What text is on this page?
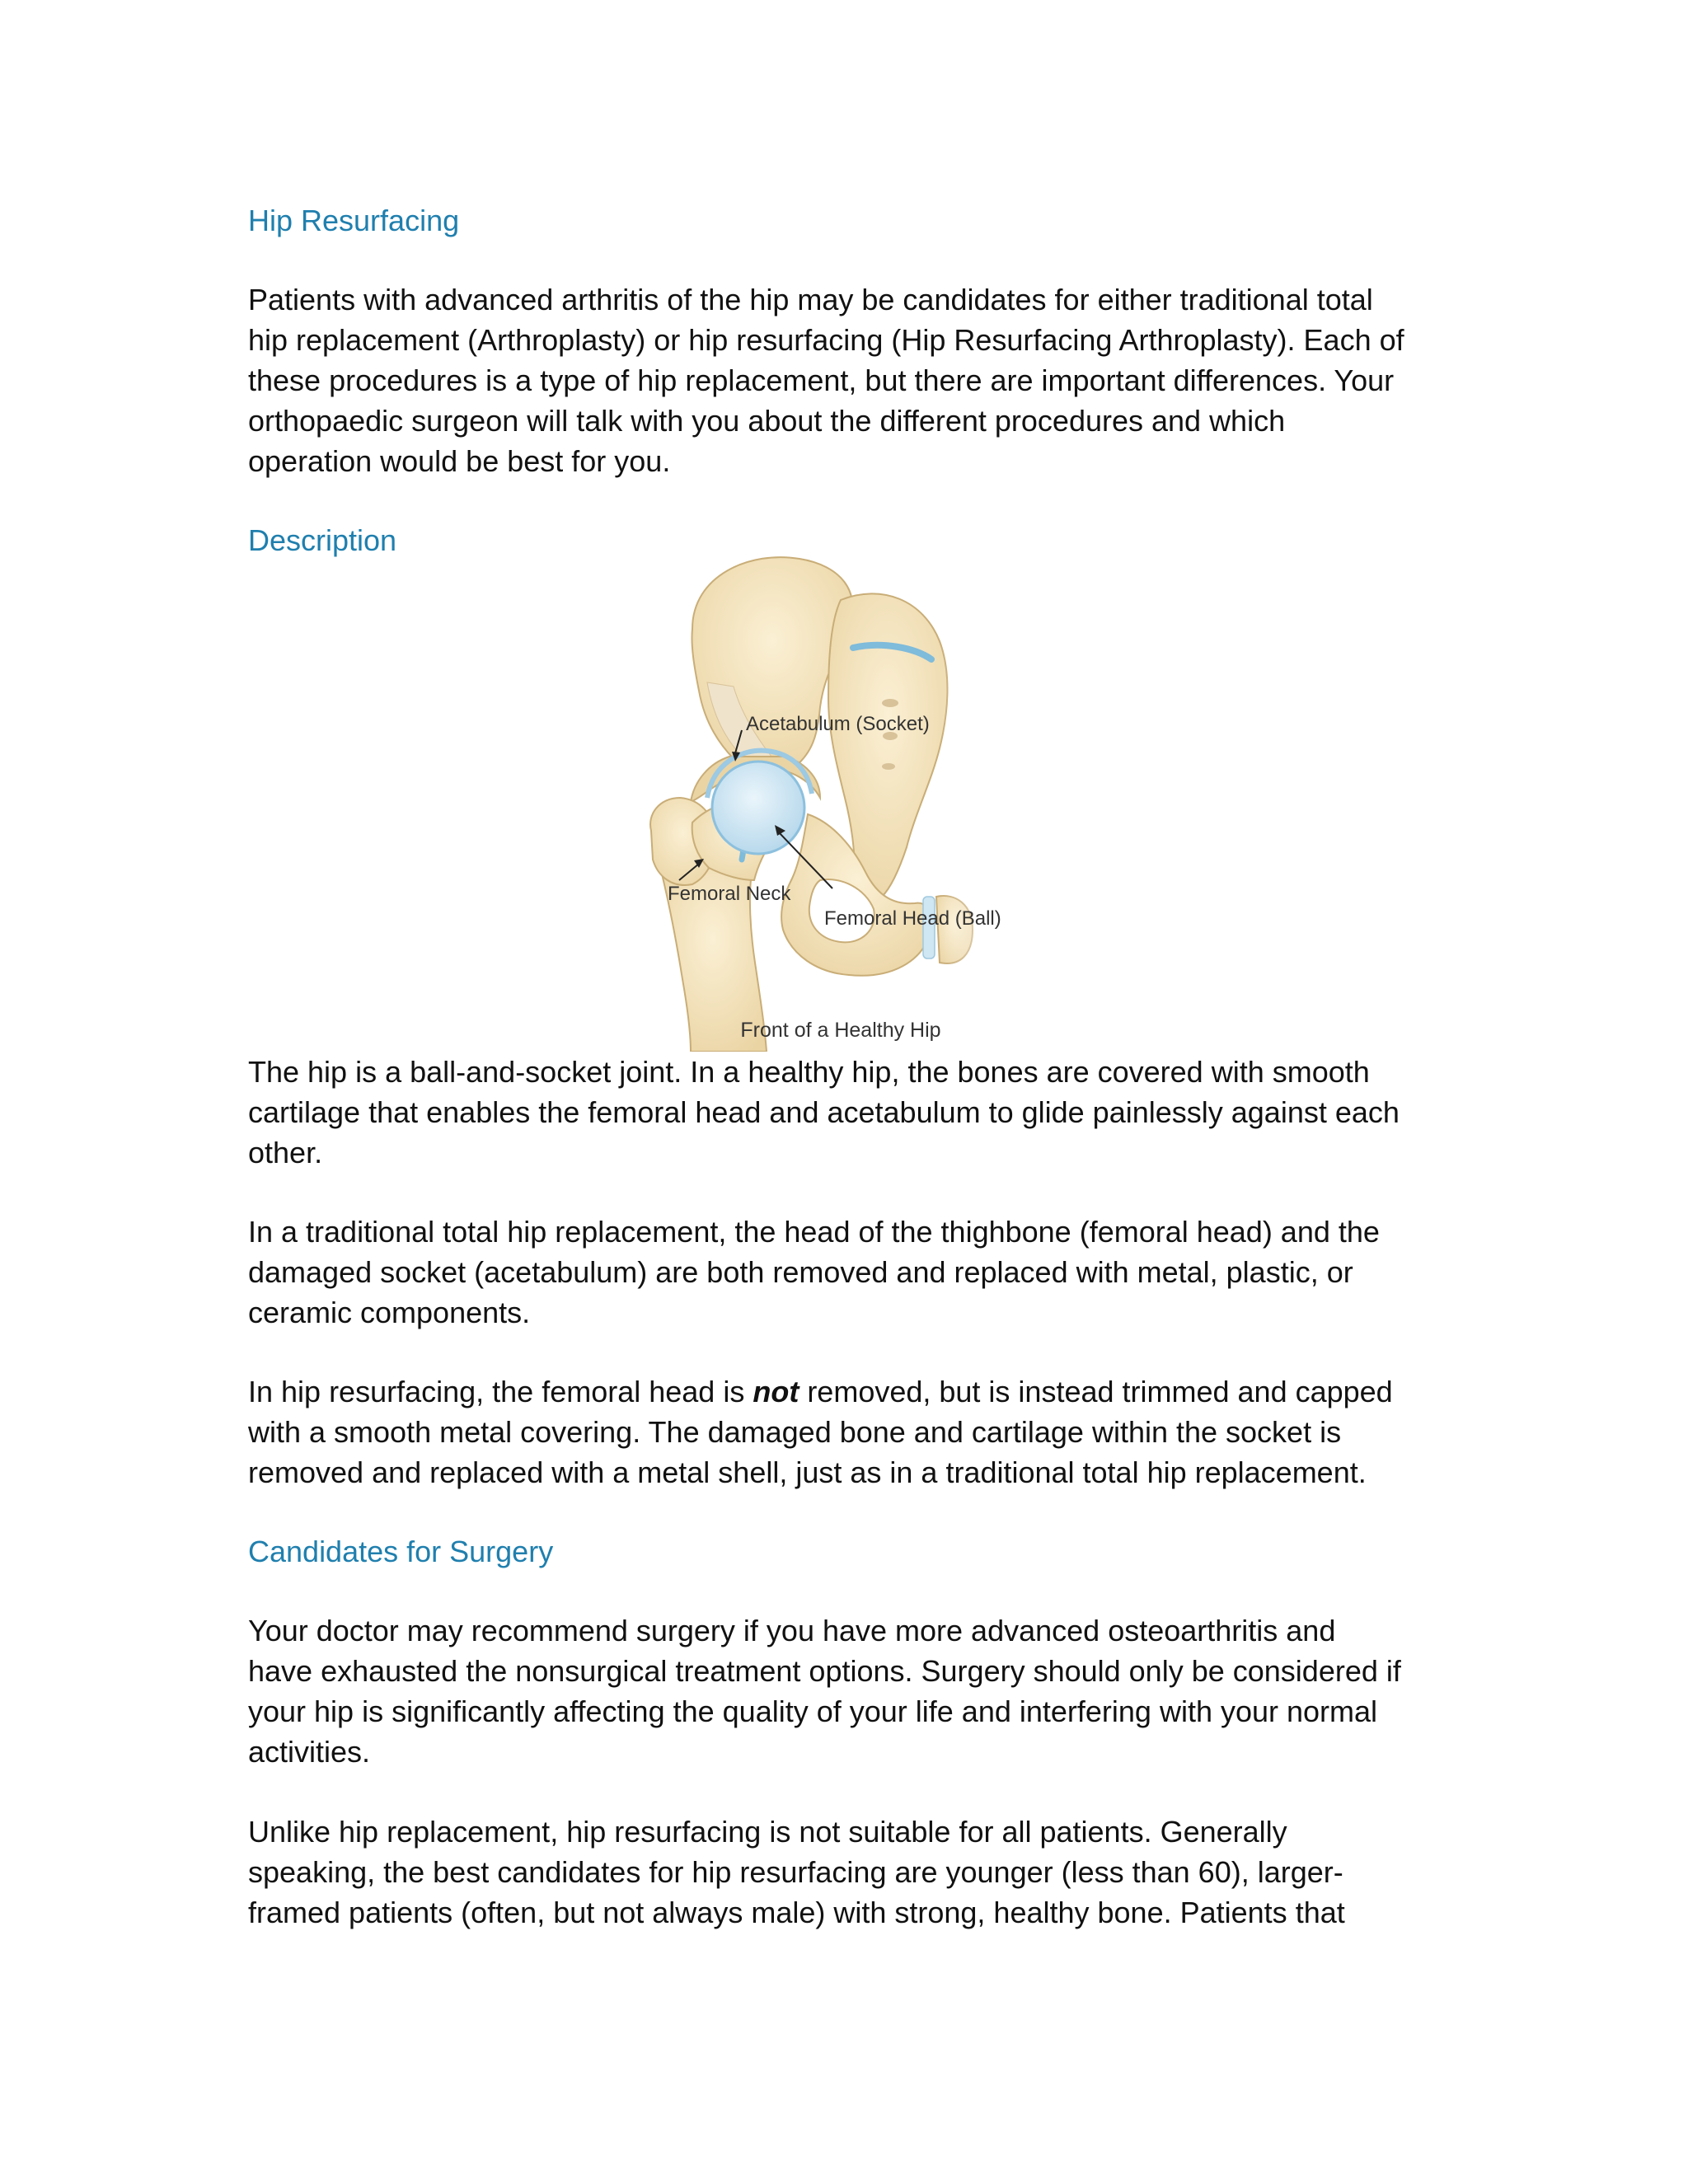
Hip Resurfacing
Patients with advanced arthritis of the hip may be candidates for either traditional total
hip replacement (Arthroplasty) or hip resurfacing (Hip Resurfacing Arthroplasty). Each of
these procedures is a type of hip replacement, but there are important differences. Your
orthopaedic surgeon will talk with you about the different procedures and which
operation would be best for you.
Description
The hip is a ball-and-socket joint. In a healthy hip, the bones are covered with smooth
cartilage that enables the femoral head and acetabulum to glide painlessly against each
other.
In a traditional total hip replacement, the head of the thighbone (femoral head) and the
damaged socket (acetabulum) are both removed and replaced with metal, plastic, or
ceramic components.
In hip resurfacing, the femoral head is not removed, but is instead trimmed and capped
with a smooth metal covering. The damaged bone and cartilage within the socket is
removed and replaced with a metal shell, just as in a traditional total hip replacement.
Candidates for Surgery
Your doctor may recommend surgery if you have more advanced osteoarthritis and
have exhausted the nonsurgical treatment options. Surgery should only be considered if
your hip is significantly affecting the quality of your life and interfering with your normal
activities.
Unlike hip replacement, hip resurfacing is not suitable for all patients. Generally
speaking, the best candidates for hip resurfacing are younger (less than 60), larger-
framed patients (often, but not always male) with strong, healthy bone. Patients that
Acetabulum (Socket)
Femoral Neck
Femoral Head (Ball)
Front of a Healthy Hip
